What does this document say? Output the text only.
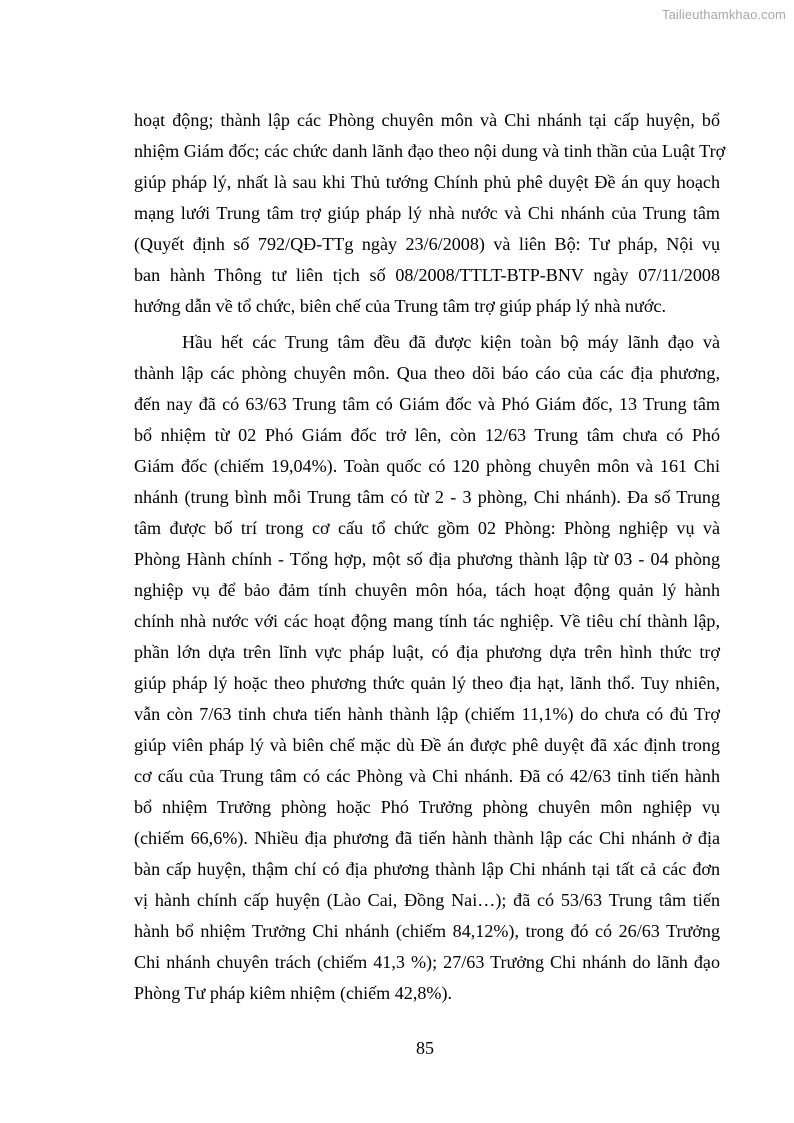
Tailieuthamkhao.com
hoạt động; thành lập các Phòng chuyên môn và Chi nhánh tại cấp huyện, bổ
nhiệm Giám đốc; các chức danh lãnh đạo theo nội dung và tinh thần của Luật Trợ
giúp pháp lý, nhất là sau khi Thủ tướng Chính phủ phê duyệt Đề án quy hoạch
mạng lưới Trung tâm trợ giúp pháp lý nhà nước và Chi nhánh của Trung tâm
(Quyết định số 792/QĐ-TTg ngày 23/6/2008) và liên Bộ: Tư pháp, Nội vụ
ban hành Thông tư liên tịch số 08/2008/TTLT-BTP-BNV ngày 07/11/2008
hướng dẫn về tổ chức, biên chế của Trung tâm trợ giúp pháp lý nhà nước.
Hầu hết các Trung tâm đều đã được kiện toàn bộ máy lãnh đạo và
thành lập các phòng chuyên môn. Qua theo dõi báo cáo của các địa phương,
đến nay đã có 63/63 Trung tâm có Giám đốc và Phó Giám đốc, 13 Trung tâm
bổ nhiệm từ 02 Phó Giám đốc trở lên, còn 12/63 Trung tâm chưa có Phó
Giám đốc (chiếm 19,04%). Toàn quốc có 120 phòng chuyên môn và 161 Chi
nhánh (trung bình mỗi Trung tâm có từ 2 - 3 phòng, Chi nhánh). Đa số Trung
tâm được bố trí trong cơ cấu tổ chức gồm 02 Phòng: Phòng nghiệp vụ và
Phòng Hành chính - Tổng hợp, một số địa phương thành lập từ 03 - 04 phòng
nghiệp vụ để bảo đảm tính chuyên môn hóa, tách hoạt động quản lý hành
chính nhà nước với các hoạt động mang tính tác nghiệp. Về tiêu chí thành lập,
phần lớn dựa trên lĩnh vực pháp luật, có địa phương dựa trên hình thức trợ
giúp pháp lý hoặc theo phương thức quản lý theo địa hạt, lãnh thổ. Tuy nhiên,
vẫn còn 7/63 tỉnh chưa tiến hành thành lập (chiếm 11,1%) do chưa có đủ Trợ
giúp viên pháp lý và biên chế mặc dù Đề án được phê duyệt đã xác định trong
cơ cấu của Trung tâm có các Phòng và Chi nhánh. Đã có 42/63 tỉnh tiến hành
bổ nhiệm Trưởng phòng hoặc Phó Trưởng phòng chuyên môn nghiệp vụ
(chiếm 66,6%). Nhiều địa phương đã tiến hành thành lập các Chi nhánh ở địa
bàn cấp huyện, thậm chí có địa phương thành lập Chi nhánh tại tất cả các đơn
vị hành chính cấp huyện (Lào Cai, Đồng Nai…); đã có 53/63 Trung tâm tiến
hành bổ nhiệm Trưởng Chi nhánh (chiếm 84,12%), trong đó có 26/63 Trưởng
Chi nhánh chuyên trách (chiếm 41,3 %); 27/63 Trưởng Chi nhánh do lãnh đạo
Phòng Tư pháp kiêm nhiệm (chiếm 42,8%).
85
